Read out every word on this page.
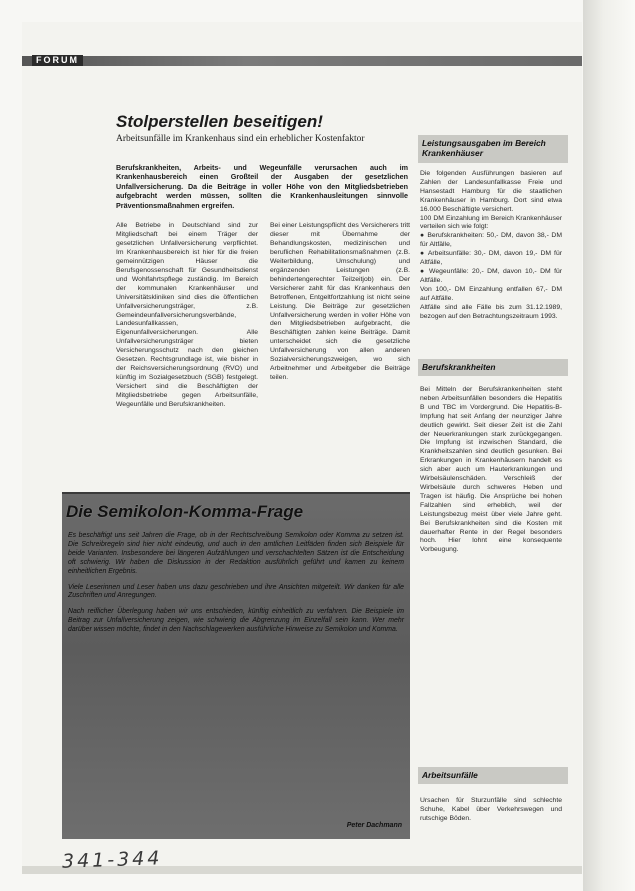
FORUM
Stolperstellen beseitigen!
Arbeitsunfälle im Krankenhaus sind ein erheblicher Kostenfaktor
Berufskrankheiten, Arbeits- und Wegeunfälle verursachen auch im Krankenhausbereich einen Großteil der Ausgaben der gesetzlichen Unfallversicherung. Da die Beiträge in voller Höhe von den Mitgliedsbetrieben aufgebracht werden müssen, sollten die Krankenhausleitungen sinnvolle Präventionsmaßnahmen ergreifen.
Alle Betriebe in Deutschland sind zur Mitgliedschaft bei einem Träger der gesetzlichen Unfallversicherung verpflichtet. Im Krankenhausbereich ist hier für die freien gemeinnützigen Häuser die Berufsgenossenschaft für Gesundheitsdienst und Wohlfahrtspflege zuständig. Im Bereich der kommunalen Krankenhäuser und Universitätskliniken sind dies die öffentlichen Unfallversicherungsträger, z.B. Gemeindeunfallversicherungsverbände, Landesunfallkassen, Eigenunfallversicherungen. Alle Unfallversicherungsträger bieten Versicherungsschutz nach den gleichen Gesetzen. Rechtsgrundlage ist, wie bisher in der Reichsversicherungsordnung (RVO) und künftig im Sozialgesetzbuch (SGB) festgelegt. Versichert sind die Beschäftigten der Mitgliedsbetriebe gegen Arbeitsunfälle, Wegeunfälle und Berufskrankheiten.
Bei einer Leistungspflicht des Versicherers tritt dieser mit Übernahme der Behandlungskosten, medizinischen und beruflichen Rehabilitationsmaßnahmen (z.B. Weiterbildung, Umschulung) und ergänzenden Leistungen (z.B. behindertengerechter Teilzeitjob) ein. Der Versicherer zahlt für das Krankenhaus den Betroffenen, Entgeltfortzahlung ist nicht seine Leistung. Die Beiträge zur gesetzlichen Unfallversicherung werden in voller Höhe von den Mitgliedsbetrieben aufgebracht, die Beschäftigten zahlen keine Beiträge. Damit unterscheidet sich die gesetzliche Unfallversicherung von allen anderen Sozialversicherungszweigen, wo sich Arbeitnehmer und Arbeitgeber die Beiträge teilen.
Die Semikolon-Komma-Frage

Es beschäftigt uns seit Jahren die Frage, ob in der Rechtschreibung Semikolon oder Komma zu setzen ist. Die Schreibregeln sind hier nicht eindeutig, und auch in den amtlichen Leitfäden finden sich Beispiele für beide Varianten. Insbesondere bei längeren Aufzählungen und verschachtelten Sätzen ist die Entscheidung oft schwierig. Wir haben die Diskussion in der Redaktion ausführlich geführt und kamen zu keinem einheitlichen Ergebnis.

Viele Leserinnen und Leser haben uns dazu geschrieben und ihre Ansichten mitgeteilt. Wir danken für alle Zuschriften und Anregungen.

Nach reiflicher Überlegung haben wir uns entschieden, künftig einheitlich zu verfahren. Die Beispiele im Beitrag zur Unfallversicherung zeigen, wie schwierig die Abgrenzung im Einzelfall sein kann. Wer mehr darüber wissen möchte, findet in den Nachschlagewerken ausführliche Hinweise zu Semikolon und Komma.

Peter Dachmann
Leistungsausgaben im Bereich Krankenhäuser

Die folgenden Ausführungen basieren auf Zahlen der Landesunfallkasse Freie und Hansestadt Hamburg für die staatlichen Krankenhäuser in Hamburg. Dort sind etwa 16.000 Beschäftigte versichert.

100 DM Einzahlung im Bereich Krankenhäuser verteilen sich wie folgt:

● Berufskrankheiten: 50,- DM, davon 38,- DM für Altfälle,

● Arbeitsunfälle: 30,- DM, davon 19,- DM für Altfälle,

● Wegeunfälle: 20,- DM, davon 10,- DM für Altfälle.

Von 100,- DM Einzahlung entfallen 67,- DM auf Altfälle.

Altfälle sind alle Fälle bis zum 31.12.1989, bezogen auf den Betrachtungszeitraum 1993.

Berufskrankheiten
Bei Mitteln der Berufskrankenheiten steht neben Arbeitsunfällen besonders die Hepatitis B und TBC im Vordergrund. Die Hepatitis-B-Impfung hat seit Anfang der neunziger Jahre deutlich gewirkt. Seit dieser Zeit ist die Zahl der Neuerkrankungen stark zurückgegangen. Die Impfung ist inzwischen Standard, die Krankheitszahlen sind deutlich gesunken. Bei Erkrankungen in Krankenhäusern handelt es sich aber auch um Hauterkrankungen und Wirbelsäulenschäden. Verschleiß der Wirbelsäule durch schweres Heben und Tragen ist häufig. Die Ansprüche bei hohen Fallzahlen sind erheblich, weil der Leistungsbezug meist über viele Jahre geht. Bei Berufskrankheiten sind die Kosten mit dauerhafter Rente in der Regel besonders hoch. Hier lohnt eine konsequente Vorbeugung.
Arbeitsunfälle
Ursachen für Sturzunfälle sind schlechte Schuhe, Kabel über Verkehrswegen und rutschige Böden.
341-344
